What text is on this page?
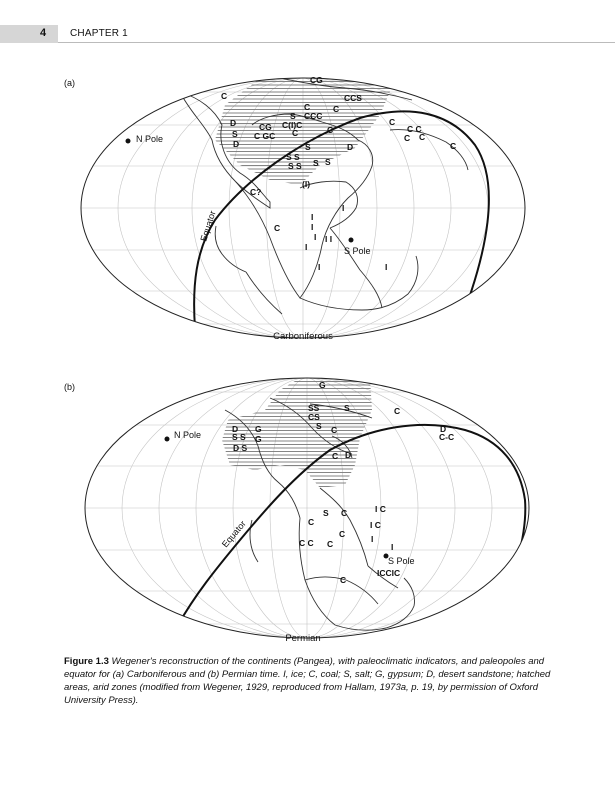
4 CHAPTER 1
(a)
N Pole
S Pole
Equator
CG
C	CCS
C
D
S
D
CG
C GC
C(I)C
S CCC
C
C
C
C	C C
C
C
S	D	C
S S
S S S S
(I)
C?
I
C
I
I
I I I
I
I	I
Carboniferous
(b)
N Pole
S Pole
Equator
G
SS
CS
S
S	C
D G
S S G
D S
C
C D
D
C-C
I C
S C
C	I C
C
C C C	I
I
ICCIC
C
Permian
Figure 1.3 Wegener's reconstruction of the continents (Pangea), with paleoclimatic indicators, and paleopoles and equator for (a) Carboniferous and (b) Permian time. I, ice; C, coal; S, salt; G, gypsum; D, desert sandstone; hatched areas, arid zones (modified from Wegener, 1929, reproduced from Hallam, 1973a, p. 19, by permission of Oxford University Press).
